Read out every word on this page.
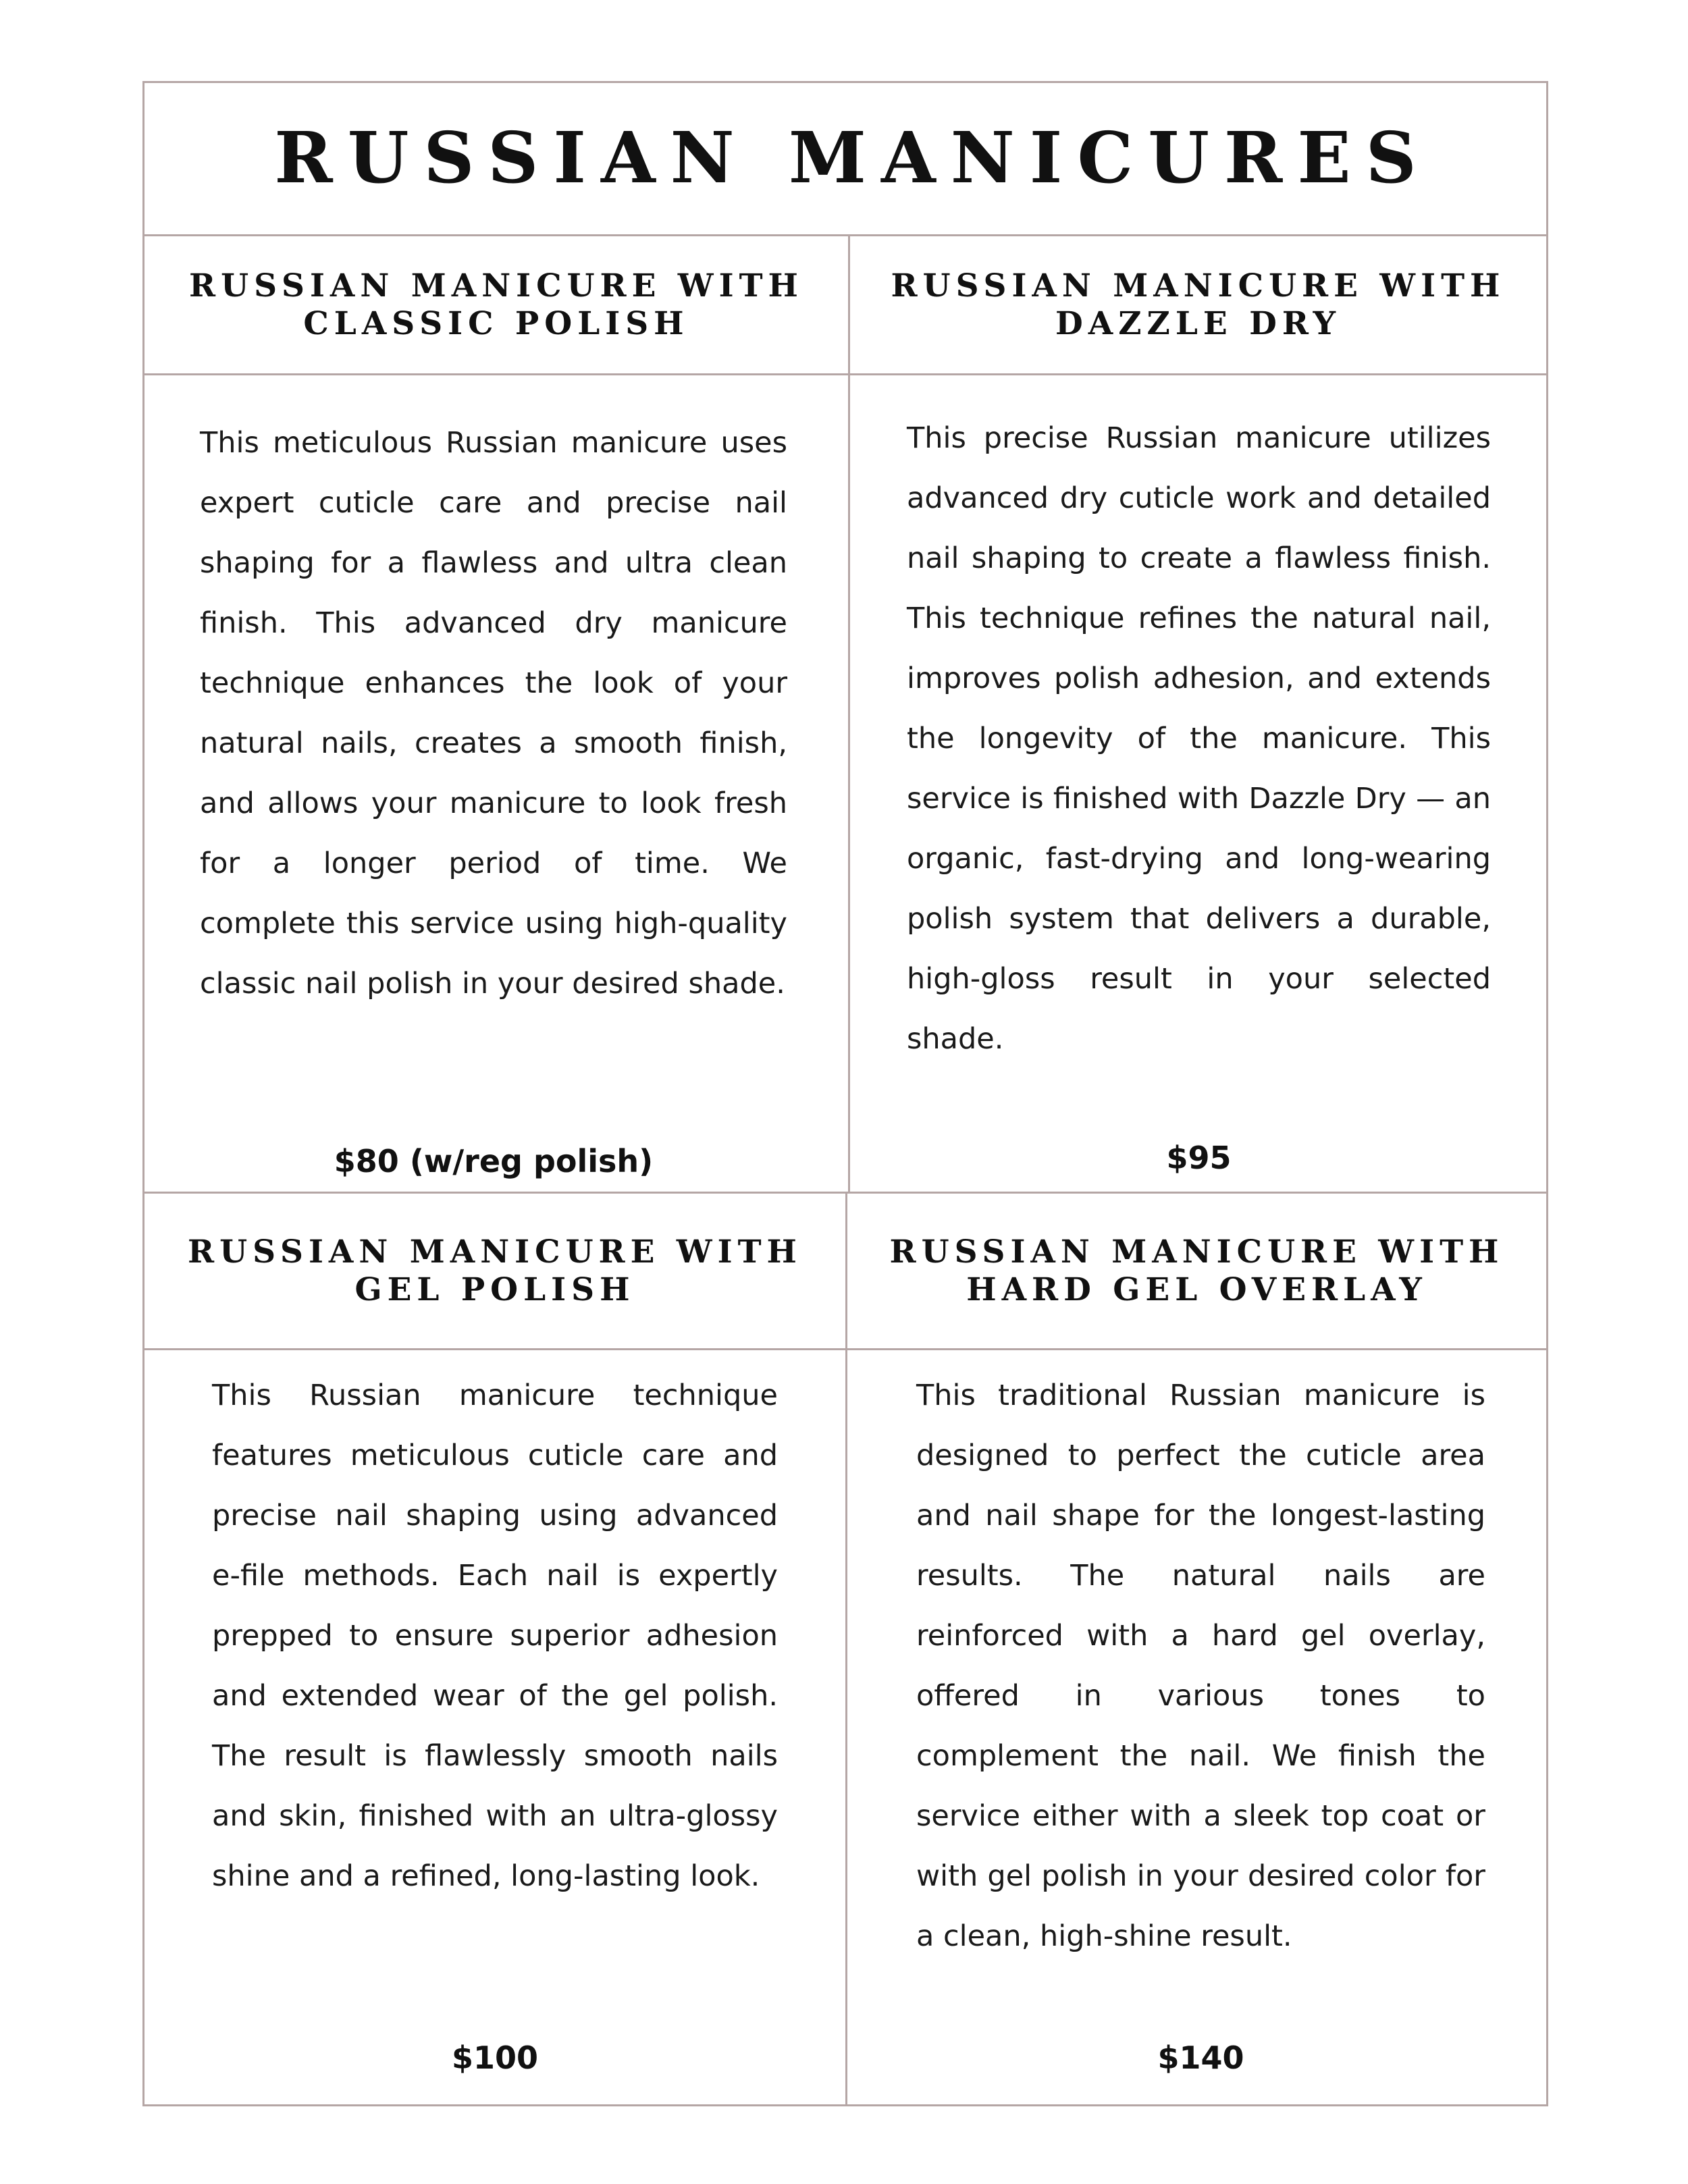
RUSSIAN MANICURES
RUSSIAN MANICURE WITH
CLASSIC POLISH

This meticulous Russian manicure uses expert cuticle care and precise nail shaping for a flawless and ultra clean finish. This advanced dry manicure technique enhances the look of your natural nails, creates a smooth finish, and allows your manicure to look fresh for a longer period of time. We complete this service using high-quality classic nail polish in your desired shade.

$80 (w/reg polish)

RUSSIAN MANICURE WITH
DAZZLE DRY

This precise Russian manicure utilizes advanced dry cuticle work and detailed nail shaping to create a flawless finish. This technique refines the natural nail, improves polish adhesion, and extends the longevity of the manicure. This service is finished with Dazzle Dry — an organic, fast-drying and long-wearing polish system that delivers a durable, high-gloss result in your selected shade.

$95

RUSSIAN MANICURE WITH
GEL POLISH

This Russian manicure technique features meticulous cuticle care and precise nail shaping using advanced e-file methods. Each nail is expertly prepped to ensure superior adhesion and extended wear of the gel polish. The result is flawlessly smooth nails and skin, finished with an ultra-glossy shine and a refined, long-lasting look.

$100

RUSSIAN MANICURE WITH
HARD GEL OVERLAY

This traditional Russian manicure is designed to perfect the cuticle area and nail shape for the longest-lasting results. The natural nails are reinforced with a hard gel overlay, offered in various tones to complement the nail. We finish the service either with a sleek top coat or with gel polish in your desired color for a clean, high-shine result.

$140
